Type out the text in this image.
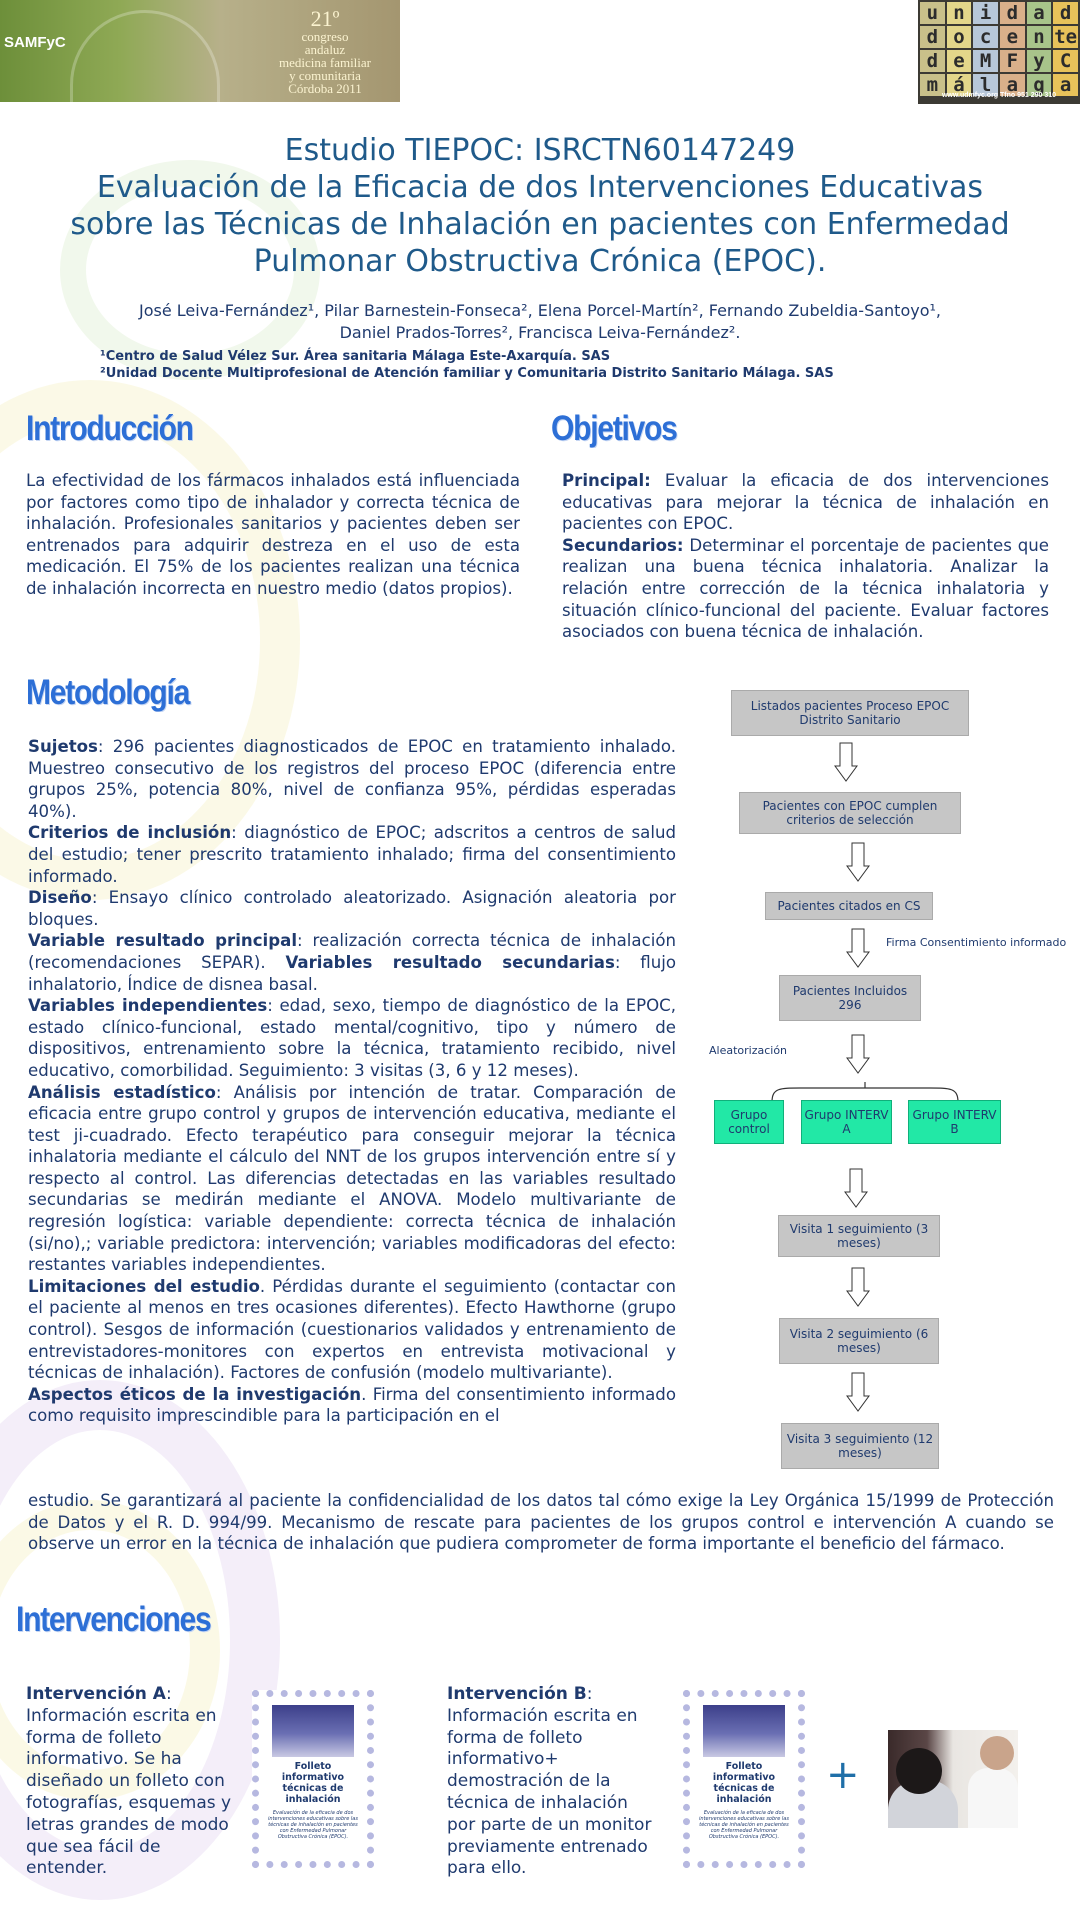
SAMFyC
21º
congreso
andaluz
medicina familiar
y comunitaria
Córdoba 2011
u n i d a d
d o c e n te
d e M F y C
m á l a g a
www.udmfyc.org Tfno 951 290 310
Estudio TIEPOC: ISRCTN60147249
Evaluación de la Eficacia de dos Intervenciones Educativas
sobre las Técnicas de Inhalación en pacientes con Enfermedad
Pulmonar Obstructiva Crónica (EPOC).
José Leiva-Fernández¹, Pilar Barnestein-Fonseca², Elena Porcel-Martín², Fernando Zubeldia-Santoyo¹,
Daniel Prados-Torres², Francisca Leiva-Fernández².
¹Centro de Salud Vélez Sur. Área sanitaria Málaga Este-Axarquía. SAS
²Unidad Docente Multiprofesional de Atención familiar y Comunitaria Distrito Sanitario Málaga. SAS
Introducción
La efectividad de los fármacos inhalados está influenciada por factores como tipo de inhalador y correcta técnica de inhalación. Profesionales sanitarios y pacientes deben ser entrenados para adquirir destreza en el uso de esta medicación. El 75% de los pacientes realizan una técnica de inhalación incorrecta en nuestro medio (datos propios).
Objetivos
Principal: Evaluar la eficacia de dos intervenciones educativas para mejorar la técnica de inhalación en pacientes con EPOC.
Secundarios: Determinar el porcentaje de pacientes que realizan una buena técnica inhalatoria. Analizar la relación entre corrección de la técnica inhalatoria y situación clínico-funcional del paciente. Evaluar factores asociados con buena técnica de inhalación.
Metodología
Sujetos: 296 pacientes diagnosticados de EPOC en tratamiento inhalado. Muestreo consecutivo de los registros del proceso EPOC (diferencia entre grupos 25%, potencia 80%, nivel de confianza 95%, pérdidas esperadas 40%).
Criterios de inclusión: diagnóstico de EPOC; adscritos a centros de salud del estudio; tener prescrito tratamiento inhalado; firma del consentimiento informado.
Diseño: Ensayo clínico controlado aleatorizado. Asignación aleatoria por bloques.
Variable resultado principal: realización correcta técnica de inhalación (recomendaciones SEPAR). Variables resultado secundarias: flujo inhalatorio, Índice de disnea basal.
Variables independientes: edad, sexo, tiempo de diagnóstico de la EPOC, estado clínico-funcional, estado mental/cognitivo, tipo y número de dispositivos, entrenamiento sobre la técnica, tratamiento recibido, nivel educativo, comorbilidad. Seguimiento: 3 visitas (3, 6 y 12 meses).
Análisis estadístico: Análisis por intención de tratar. Comparación de eficacia entre grupo control y grupos de intervención educativa, mediante el test ji-cuadrado. Efecto terapéutico para conseguir mejorar la técnica inhalatoria mediante el cálculo del NNT de los grupos intervención entre sí y respecto al control. Las diferencias detectadas en las variables resultado secundarias se medirán mediante el ANOVA. Modelo multivariante de regresión logística: variable dependiente: correcta técnica de inhalación (si/no),; variable predictora: intervención; variables modificadoras del efecto: restantes variables independientes.
Limitaciones del estudio. Pérdidas durante el seguimiento (contactar con el paciente al menos en tres ocasiones diferentes). Efecto Hawthorne (grupo control). Sesgos de información (cuestionarios validados y entrenamiento de entrevistadores-monitores con expertos en entrevista motivacional y técnicas de inhalación). Factores de confusión (modelo multivariante).
Aspectos éticos de la investigación. Firma del consentimiento informado como requisito imprescindible para la participación en el
estudio. Se garantizará al paciente la confidencialidad de los datos tal cómo exige la Ley Orgánica 15/1999 de Protección de Datos y el R. D. 994/99. Mecanismo de rescate para pacientes de los grupos control e intervención A cuando se observe un error en la técnica de inhalación que pudiera comprometer de forma importante el beneficio del fármaco.
Listados pacientes Proceso EPOC Distrito Sanitario
Pacientes con EPOC cumplen criterios de selección
Pacientes citados en CS
Firma Consentimiento informado
Pacientes Incluidos
296
Aleatorización
Grupo control
Grupo INTERV A
Grupo INTERV B
Visita 1 seguimiento (3 meses)
Visita 2 seguimiento (6 meses)
Visita 3 seguimiento (12 meses)
Intervenciones
Intervención A:
Información escrita en forma de folleto informativo. Se ha diseñado un folleto con fotografías, esquemas y letras grandes de modo que sea fácil de entender.
Folleto informativo técnicas de inhalación
Evaluación de la eficacia de dos intervenciones educativas sobre las técnicas de inhalación en pacientes con Enfermedad Pulmonar Obstructiva Crónica (EPOC).
Intervención B:
Información escrita en forma de folleto informativo+ demostración de la técnica de inhalación por parte de un monitor previamente entrenado para ello.
Folleto informativo técnicas de inhalación
Evaluación de la eficacia de dos intervenciones educativas sobre las técnicas de inhalación en pacientes con Enfermedad Pulmonar Obstructiva Crónica (EPOC).
+
